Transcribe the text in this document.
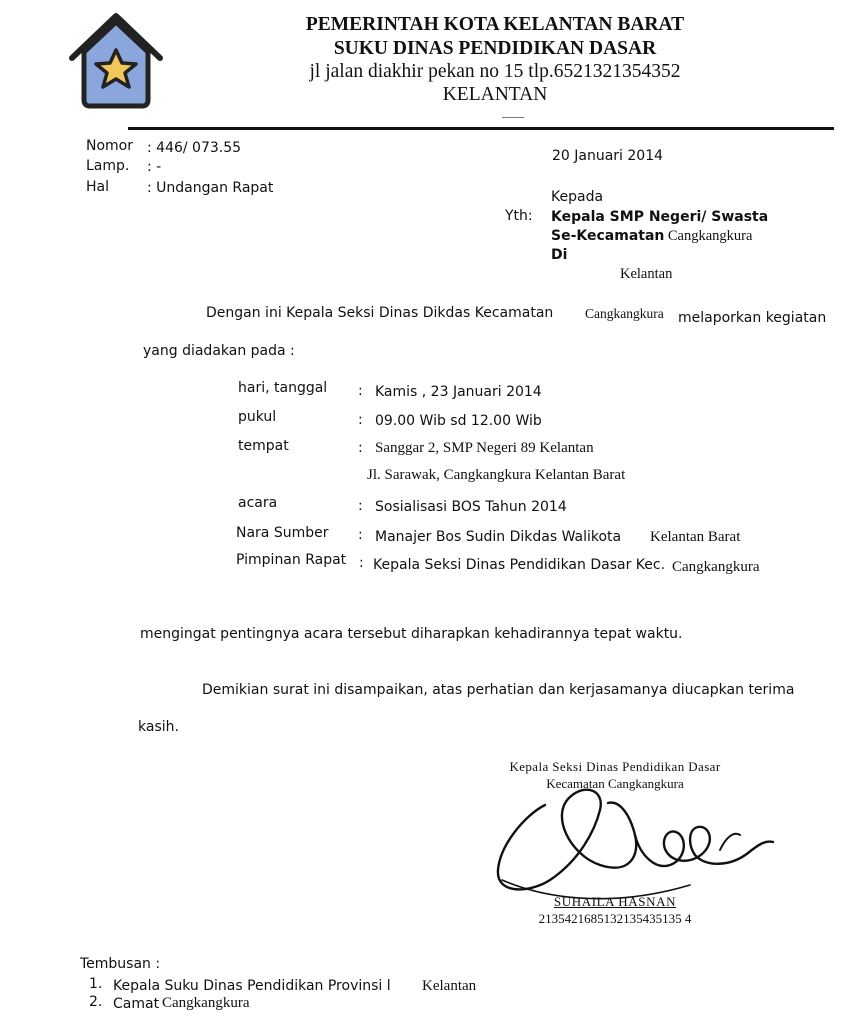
PEMERINTAH KOTA KELANTAN BARAT
SUKU DINAS PENDIDIKAN DASAR
jl jalan diakhir pekan no 15 tlp.6521321354352
KELANTAN
Nomor : 446/ 073.55
Lamp. : -
Hal	: Undangan Rapat
20 Januari 2014
Kepada
Yth: Kepala SMP Negeri/ Swasta
Se-Kecamatan Cangkangkura
Di
Kelantan
Dengan ini Kepala Seksi Dinas Dikdas Kecamatan Cangkangkura melaporkan kegiatan
yang diadakan pada :
hari, tanggal : Kamis , 23 Januari 2014
pukul	: 09.00 Wib sd 12.00 Wib
tempat	: Sanggar 2, SMP Negeri 89 Kelantan
Jl. Sarawak, Cangkangkura Kelantan Barat
acara	: Sosialisasi BOS Tahun 2014
Nara Sumber : Manajer Bos Sudin Dikdas Walikota Kelantan Barat
Pimpinan Rapat : Kepala Seksi Dinas Pendidikan Dasar Kec. Cangkangkura
mengingat pentingnya acara tersebut diharapkan kehadirannya tepat waktu.
Demikian surat ini disampaikan, atas perhatian dan kerjasamanya diucapkan terima
kasih.
Kepala Seksi Dinas Pendidikan Dasar
Kecamatan Cangkangkura
SUHAILA HASNAN
2135421685132135435135 4
Tembusan :
1. Kepala Suku Dinas Pendidikan Provinsi l Kelantan
2. Camat Cangkangkura
